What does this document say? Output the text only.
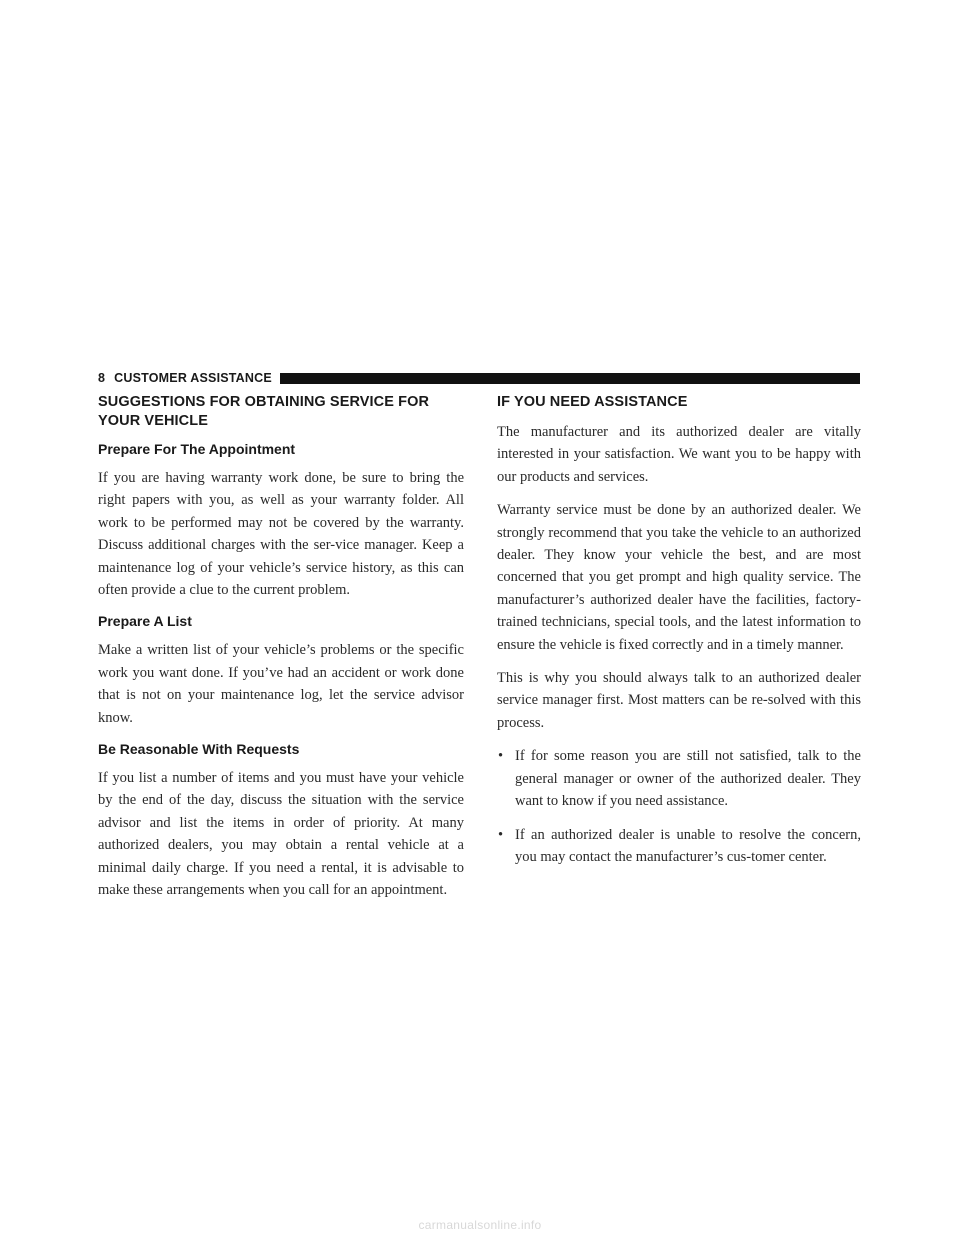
8 CUSTOMER ASSISTANCE
SUGGESTIONS FOR OBTAINING SERVICE FOR YOUR VEHICLE
Prepare For The Appointment

If you are having warranty work done, be sure to bring the right papers with you, as well as your warranty folder. All work to be performed may not be covered by the warranty. Discuss additional charges with the ser-vice manager. Keep a maintenance log of your vehicle’s service history, as this can often provide a clue to the current problem.

Prepare A List

Make a written list of your vehicle’s problems or the specific work you want done. If you’ve had an accident or work done that is not on your maintenance log, let the service advisor know.

Be Reasonable With Requests

If you list a number of items and you must have your vehicle by the end of the day, discuss the situation with the service advisor and list the items in order of priority. At many authorized dealers, you may obtain a rental vehicle at a minimal daily charge. If you need a rental, it is advisable to make these arrangements when you call for an appointment.

IF YOU NEED ASSISTANCE

The manufacturer and its authorized dealer are vitally interested in your satisfaction. We want you to be happy with our products and services.

Warranty service must be done by an authorized dealer. We strongly recommend that you take the vehicle to an authorized dealer. They know your vehicle the best, and are most concerned that you get prompt and high quality service. The manufacturer’s authorized dealer have the facilities, factory-trained technicians, special tools, and the latest information to ensure the vehicle is fixed correctly and in a timely manner.

This is why you should always talk to an authorized dealer service manager first. Most matters can be re-solved with this process.

• If for some reason you are still not satisfied, talk to the general manager or owner of the authorized dealer. They want to know if you need assistance.
• If an authorized dealer is unable to resolve the concern, you may contact the manufacturer’s cus-tomer center.
carmanualsonline.info
